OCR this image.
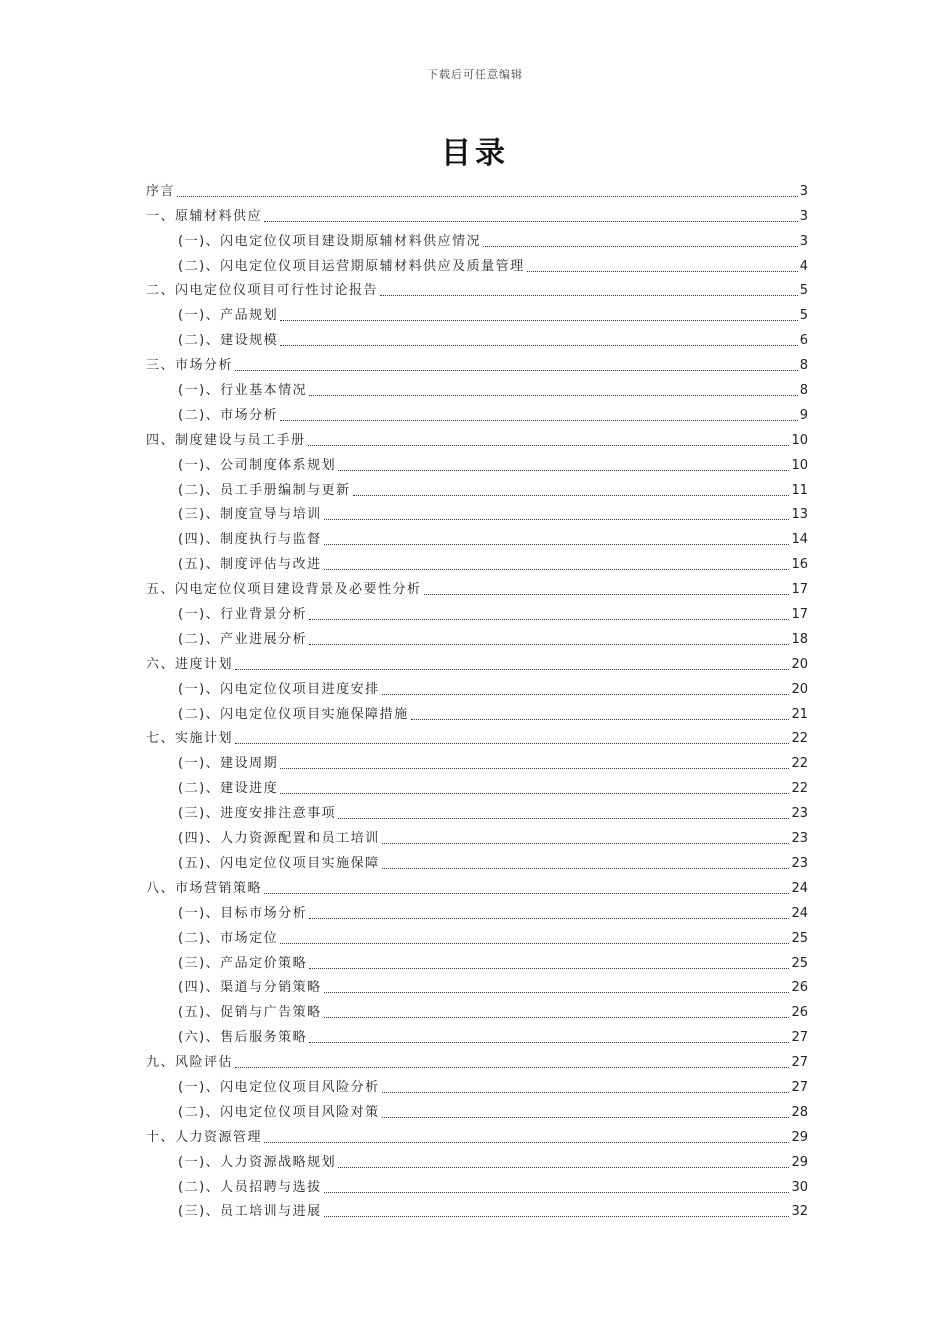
下载后可任意编辑
目录
序言	3
一、原辅材料供应	3
(一)、闪电定位仪项目建设期原辅材料供应情况	3
(二)、闪电定位仪项目运营期原辅材料供应及质量管理	4
二、闪电定位仪项目可行性讨论报告	5
(一)、产品规划	5
(二)、建设规模	6
三、市场分析	8
(一)、行业基本情况	8
(二)、市场分析	9
四、制度建设与员工手册	10
(一)、公司制度体系规划	10
(二)、员工手册编制与更新	11
(三)、制度宣导与培训	13
(四)、制度执行与监督	14
(五)、制度评估与改进	16
五、闪电定位仪项目建设背景及必要性分析	17
(一)、行业背景分析	17
(二)、产业进展分析	18
六、进度计划	20
(一)、闪电定位仪项目进度安排	20
(二)、闪电定位仪项目实施保障措施	21
七、实施计划	22
(一)、建设周期	22
(二)、建设进度	22
(三)、进度安排注意事项	23
(四)、人力资源配置和员工培训	23
(五)、闪电定位仪项目实施保障	23
八、市场营销策略	24
(一)、目标市场分析	24
(二)、市场定位	25
(三)、产品定价策略	25
(四)、渠道与分销策略	26
(五)、促销与广告策略	26
(六)、售后服务策略	27
九、风险评估	27
(一)、闪电定位仪项目风险分析	27
(二)、闪电定位仪项目风险对策	28
十、人力资源管理	29
(一)、人力资源战略规划	29
(二)、人员招聘与选拔	30
(三)、员工培训与进展	32
